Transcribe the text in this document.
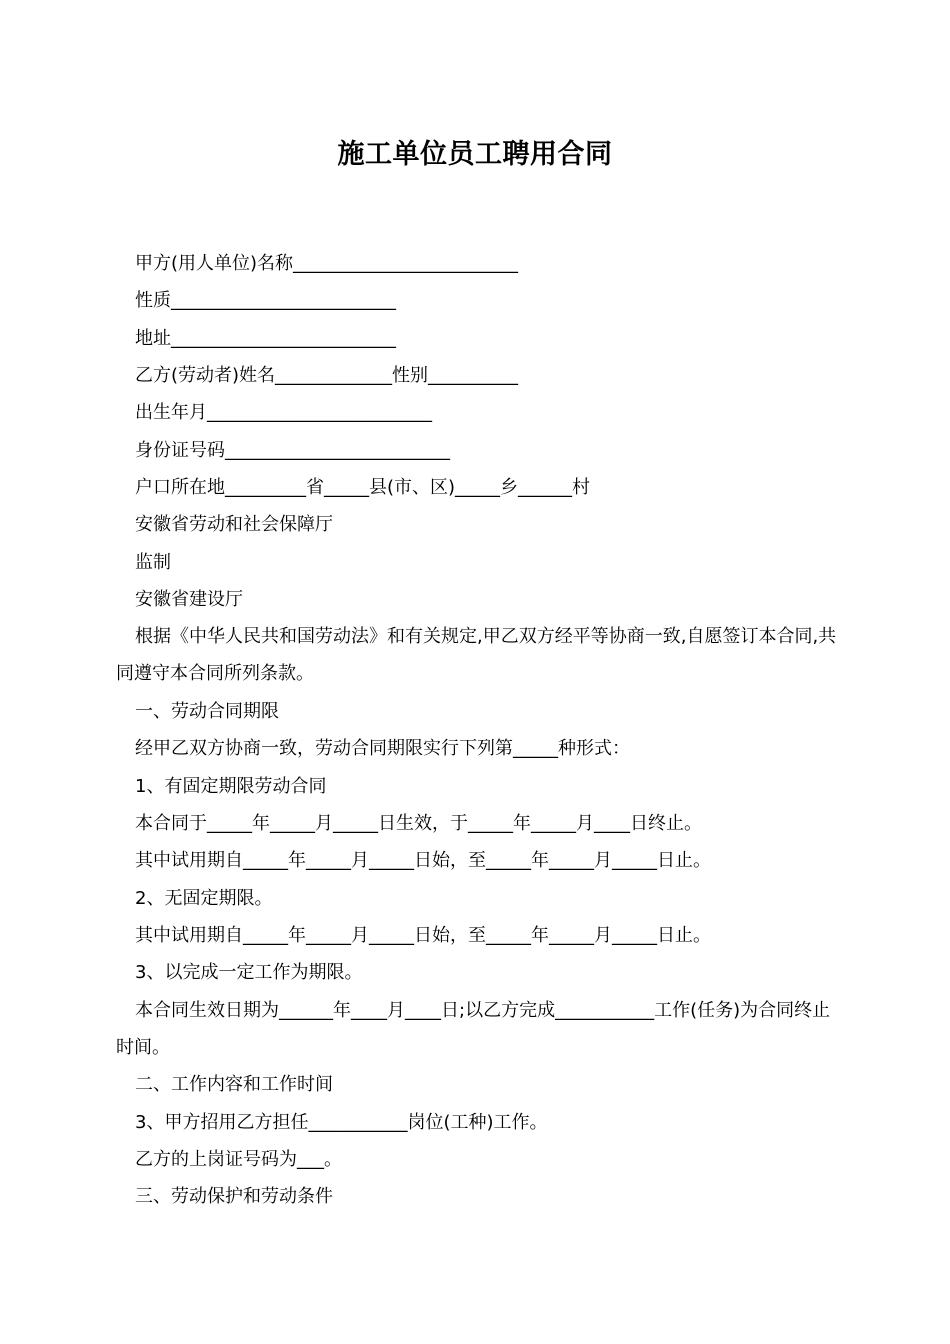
施工单位员工聘用合同
甲方(用人单位)名称_________________________
性质_________________________
地址_________________________
乙方(劳动者)姓名_____________性别__________
出生年月_________________________
身份证号码_________________________
户口所在地_________省_____县(市、区)_____乡______村
安徽省劳动和社会保障厅
监制
安徽省建设厅
根据《中华人民共和国劳动法》和有关规定,甲乙双方经平等协商一致,自愿签订本合同,共同遵守本合同所列条款。
一、劳动合同期限
经甲乙双方协商一致，劳动合同期限实行下列第_____种形式：
1、有固定期限劳动合同
本合同于_____年_____月_____日生效，于_____年_____月____日终止。
其中试用期自_____年_____月_____日始，至_____年_____月_____日止。
2、无固定期限。
其中试用期自_____年_____月_____日始，至_____年_____月_____日止。
3、以完成一定工作为期限。
本合同生效日期为______年____月____日;以乙方完成___________工作(任务)为合同终止时间。
二、工作内容和工作时间
3、甲方招用乙方担任___________岗位(工种)工作。
乙方的上岗证号码为___。
三、劳动保护和劳动条件
